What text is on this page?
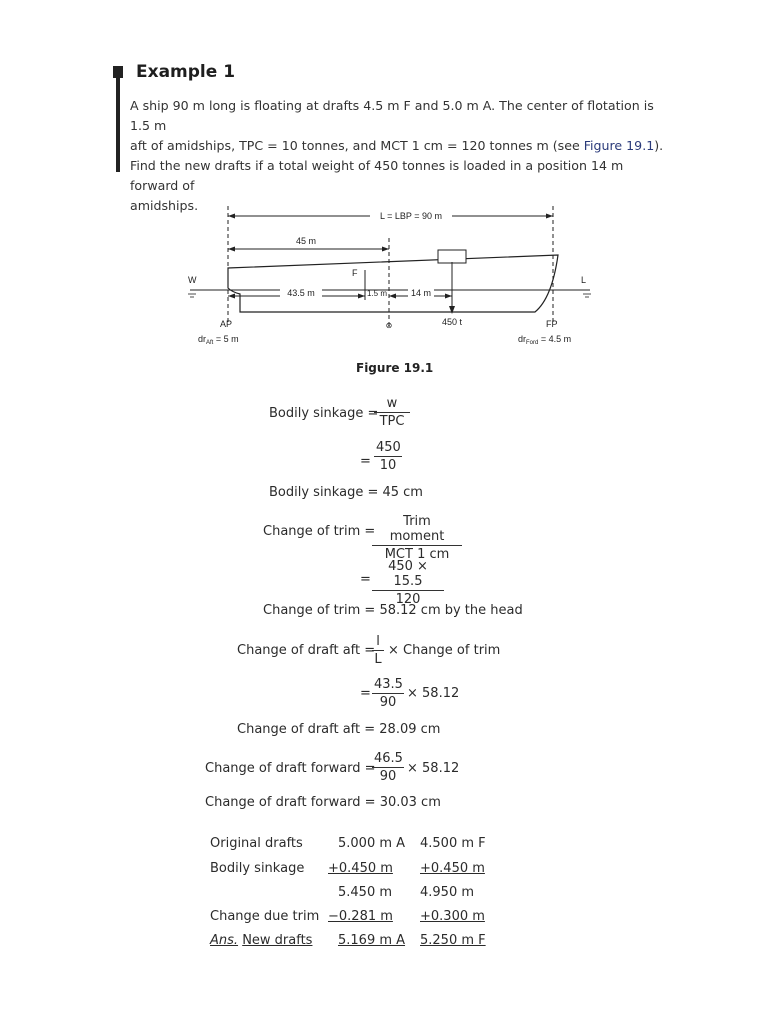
Example 1
A ship 90 m long is floating at drafts 4.5 m F and 5.0 m A. The center of flotation is 1.5 m
aft of amidships, TPC = 10 tonnes, and MCT 1 cm = 120 tonnes m (see Figure 19.1).
Find the new drafts if a total weight of 450 tonnes is loaded in a position 14 m forward of
amidships.
L = LBP = 90 m
45 m
450 t
W	L
F
43.5 m	1.5 m	14 m
AP	FP
⊗
$dr_{Aft} = 5$ m	$dr_{Ford} = 4.5$ m
Figure 19.1
Bodily sinkage =
w
TPC
= $\frac{450}{10}$
Bodily sinkage = 45 cm
Change of trim =
Trim moment
MCT 1 cm
= $\frac{450 \times 15.5}{120}$
Change of trim = 58.12 cm by the head
Change of draft aft =
$\frac{l}{L}$ × Change of trim
= $\frac{43.5}{90} \times 58.12$
Change of draft aft = 28.09 cm
Change of draft forward =
$\frac{46.5}{90} \times 58.12$
Change of draft forward = 30.03 cm
Original drafts	5.000 m A 4.500 m F
Bodily sinkage +0.450 m +0.450 m
5.450 m 4.950 m
Change due trim −0.281 m +0.300 m
Ans. New drafts 5.169 m A 5.250 m F
